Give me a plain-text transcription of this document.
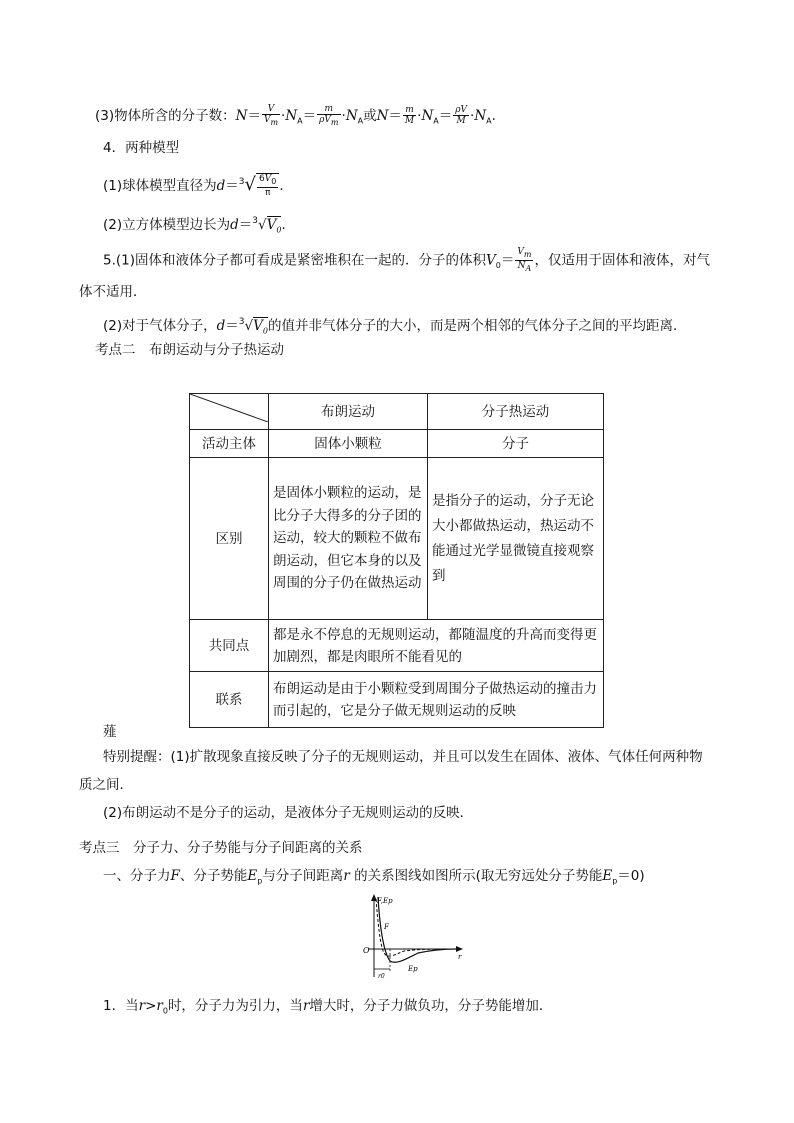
(3)物体所含的分子数：$N= \frac{V}{V_m} \cdot N_A= \frac{m}{\rho V_m} \cdot N_A$或$N= \frac{m}{M} \cdot N_A= \frac{\rho V}{M} \cdot N_A$.
4．两种模型
(1)球体模型直径为$d=^3√ \frac{6V_0}{\pi}$ .
(2)立方体模型边长为$d=^3√V_0$.
5.(1)固体和液体分子都可看成是紧密堆积在一起的．分子的体积$V_0= \frac{V_m}{N_A}$ ，仅适用于固体和液体，对气
体不适用．
(2)对于气体分子，$d=^3√V_0$的值并非气体分子的大小，而是两个相邻的气体分子之间的平均距离．
考点二　布朗运动与分子热运动
	布朗运动	分子热运动
活动主体	固体小颗粒	分子
区别	是固体小颗粒的运动，是比分子大得多的分子团的运动，较大的颗粒不做布朗运动，但它本身的以及周围的分子仍在做热运动	是指分子的运动，分子无论大小都做热运动，热运动不能通过光学显微镜直接观察到
共同点	都是永不停息的无规则运动，都随温度的升高而变得更加剧烈，都是肉眼所不能看见的	
联系	布朗运动是由于小颗粒受到周围分子做热运动的撞击力而引起的，它是分子做无规则运动的反映	
薤
特别提醒：(1)扩散现象直接反映了分子的无规则运动，并且可以发生在固体、液体、气体任何两种物
质之间．
(2)布朗运动不是分子的运动，是液体分子无规则运动的反映．
考点三　分子力、分子势能与分子间距离的关系
一、分子力F、分子势能$E_p$与分子间距离r 的关系图线如图所示(取无穷远处分子势能$E_p=0$)
F,Ep
F
Ep
O
r
r0
1．当$r>r_0$时，分子力为引力，当r增大时，分子力做负功，分子势能增加．
